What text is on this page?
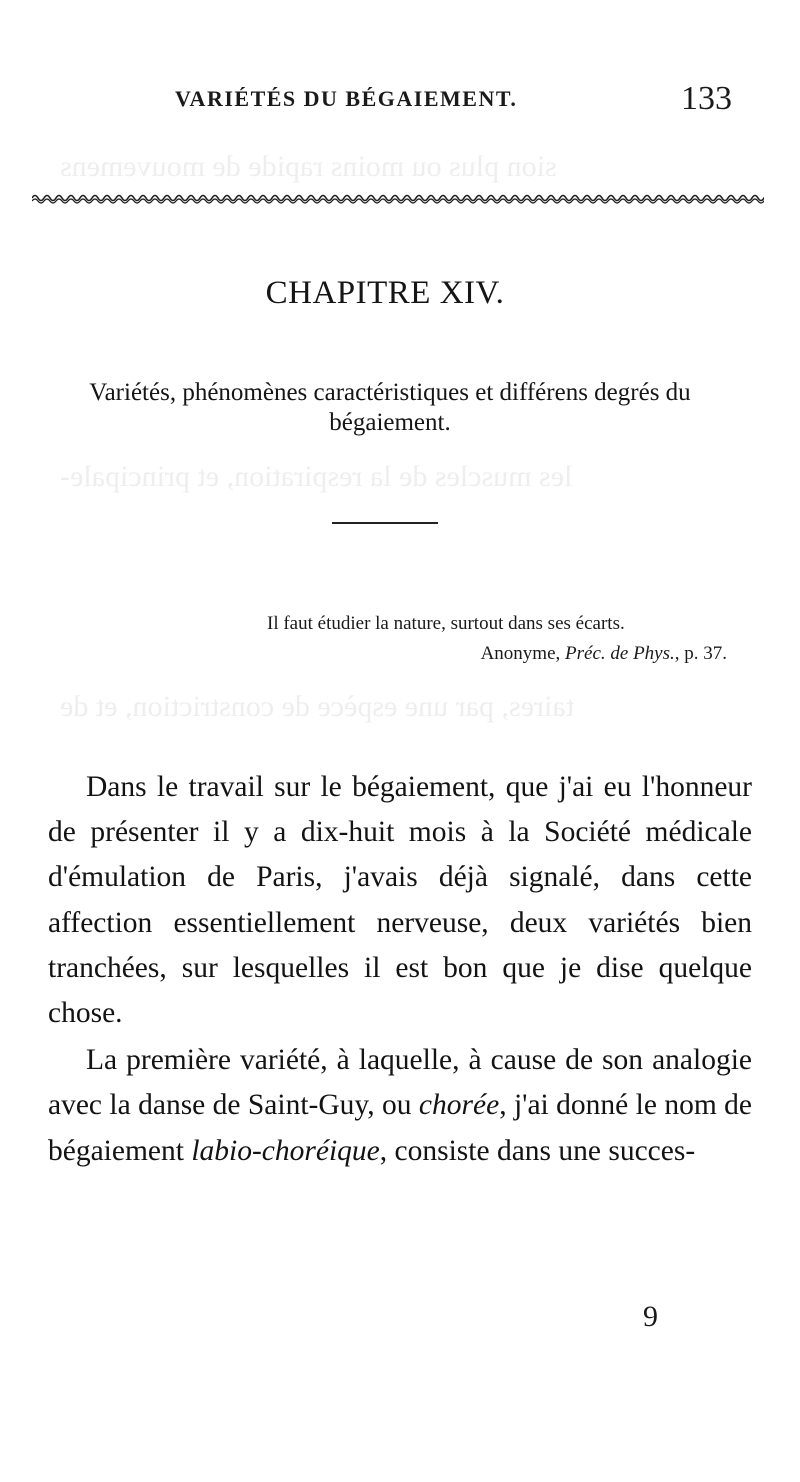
sion plus ou moins rapide de mouvemens
les muscles de la respiration, et principale-
taires, par une espèce de constriction, et de
VARIÉTÉS DU BÉGAIEMENT.	133
CHAPITRE XIV.
Variétés, phénomènes caractéristiques et différens degrés du bégaiement.
Il faut étudier la nature, surtout dans ses écarts.
Anonyme, Préc. de Phys., p. 37.

Dans le travail sur le bégaiement, que j'ai eu l'honneur de présenter il y a dix-huit mois à la Société médicale d'émulation de Paris, j'avais déjà signalé, dans cette affection essentiellement nerveuse, deux variétés bien tranchées, sur lesquelles il est bon que je dise quelque chose.

La première variété, à laquelle, à cause de son analogie avec la danse de Saint-Guy, ou chorée, j'ai donné le nom de bégaiement labio-choréique, consiste dans une succes-

9
